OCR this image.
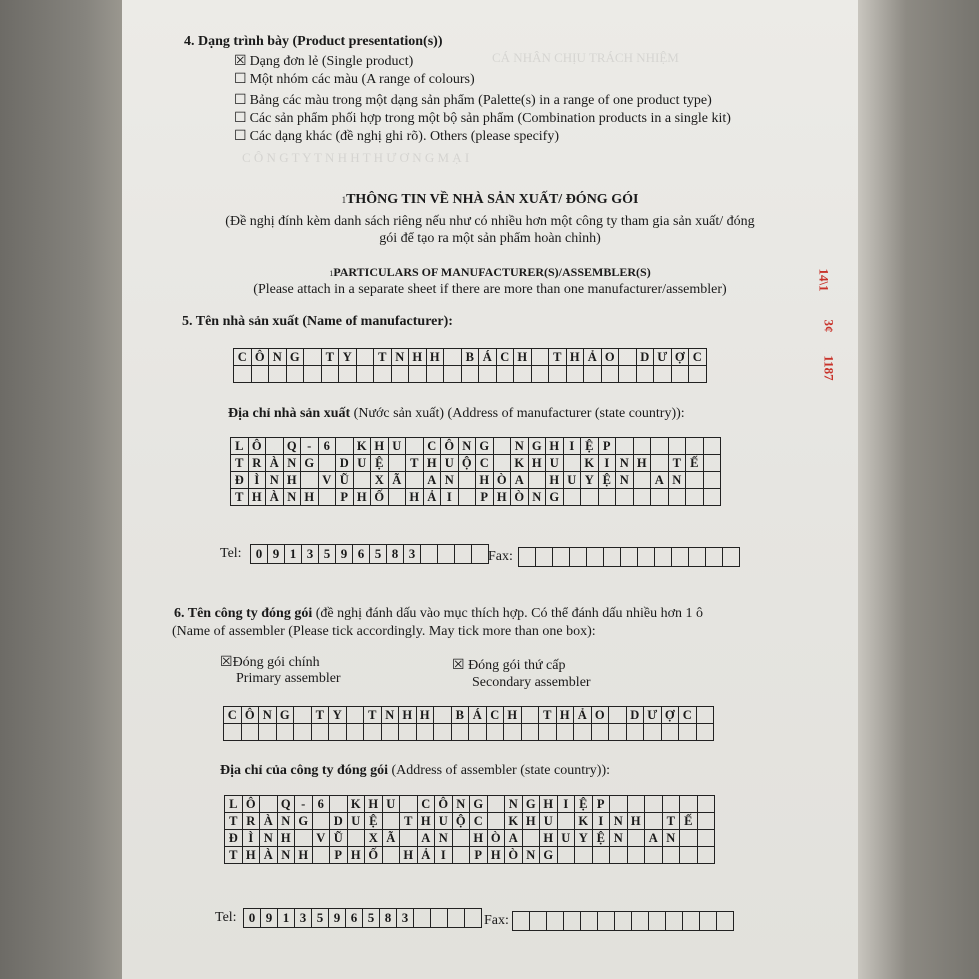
CÁ NHÂN CHỊU TRÁCH NHIỆM
C Ô N G T Y T N H H T H Ư Ơ N G M Ạ I
4. Dạng trình bày (Product presentation(s))
☒ Dạng đơn lẻ (Single product)
☐ Một nhóm các màu (A range of colours)
☐ Bảng các màu trong một dạng sản phẩm (Palette(s) in a range of one product type)
☐ Các sản phẩm phối hợp trong một bộ sản phẩm (Combination products in a single kit)
☐ Các dạng khác (đề nghị ghi rõ). Others (please specify)
1THÔNG TIN VỀ NHÀ SẢN XUẤT/ ĐÓNG GÓI
(Đề nghị đính kèm danh sách riêng nếu như có nhiều hơn một công ty tham gia sản xuất/ đóng
gói để tạo ra một sản phẩm hoàn chỉnh)
1PARTICULARS OF MANUFACTURER(S)/ASSEMBLER(S)
(Please attach in a separate sheet if there are more than one manufacturer/assembler)
5. Tên nhà sản xuất (Name of manufacturer):
C	Ô	N	G		T	Y		T	N	H	H		B	Á	C	H		T	H	Ả	O		D	Ư	Ợ	C

Địa chỉ nhà sản xuất (Nước sản xuất) (Address of manufacturer (state country)):
L	Ô		Q	-	6		K	H	U		C	Ô	N	G		N	G	H	I	Ệ	P						
T	R	À	N	G		D	U	Ệ		T	H	U	Ộ	C		K	H	U		K	I	N	H		T	Ế	
Đ	Ì	N	H		V	Ũ		X	Ã		A	N		H	Ò	A		H	U	Y	Ệ	N		A	N		
T	H	À	N	H		P	H	Ố		H	Ả	I		P	H	Ò	N	G									
Tel: 0	9	1	3	5	9	6	5	8	3					Fax:

6. Tên công ty đóng gói (đề nghị đánh dấu vào mục thích hợp. Có thể đánh dấu nhiều hơn 1 ô
(Name of assembler (Please tick accordingly. May tick more than one box):
☒Đóng gói chính
Primary assembler
☒ Đóng gói thứ cấp
Secondary assembler
C	Ô	N	G		T	Y		T	N	H	H		B	Á	C	H		T	H	Ả	O		D	Ư	Ợ	C	

Địa chỉ của công ty đóng gói (Address of assembler (state country)):
L	Ô		Q	-	6		K	H	U		C	Ô	N	G		N	G	H	I	Ệ	P						
T	R	À	N	G		D	U	Ệ		T	H	U	Ộ	C		K	H	U		K	I	N	H		T	Ế	
Đ	Ì	N	H		V	Ũ		X	Ã		A	N		H	Ò	A		H	U	Y	Ệ	N		A	N		
T	H	À	N	H		P	H	Ố		H	Ả	I		P	H	Ò	N	G									
Tel: 0	9	1	3	5	9	6	5	8	3					Fax:

14\1
3¢
1187
